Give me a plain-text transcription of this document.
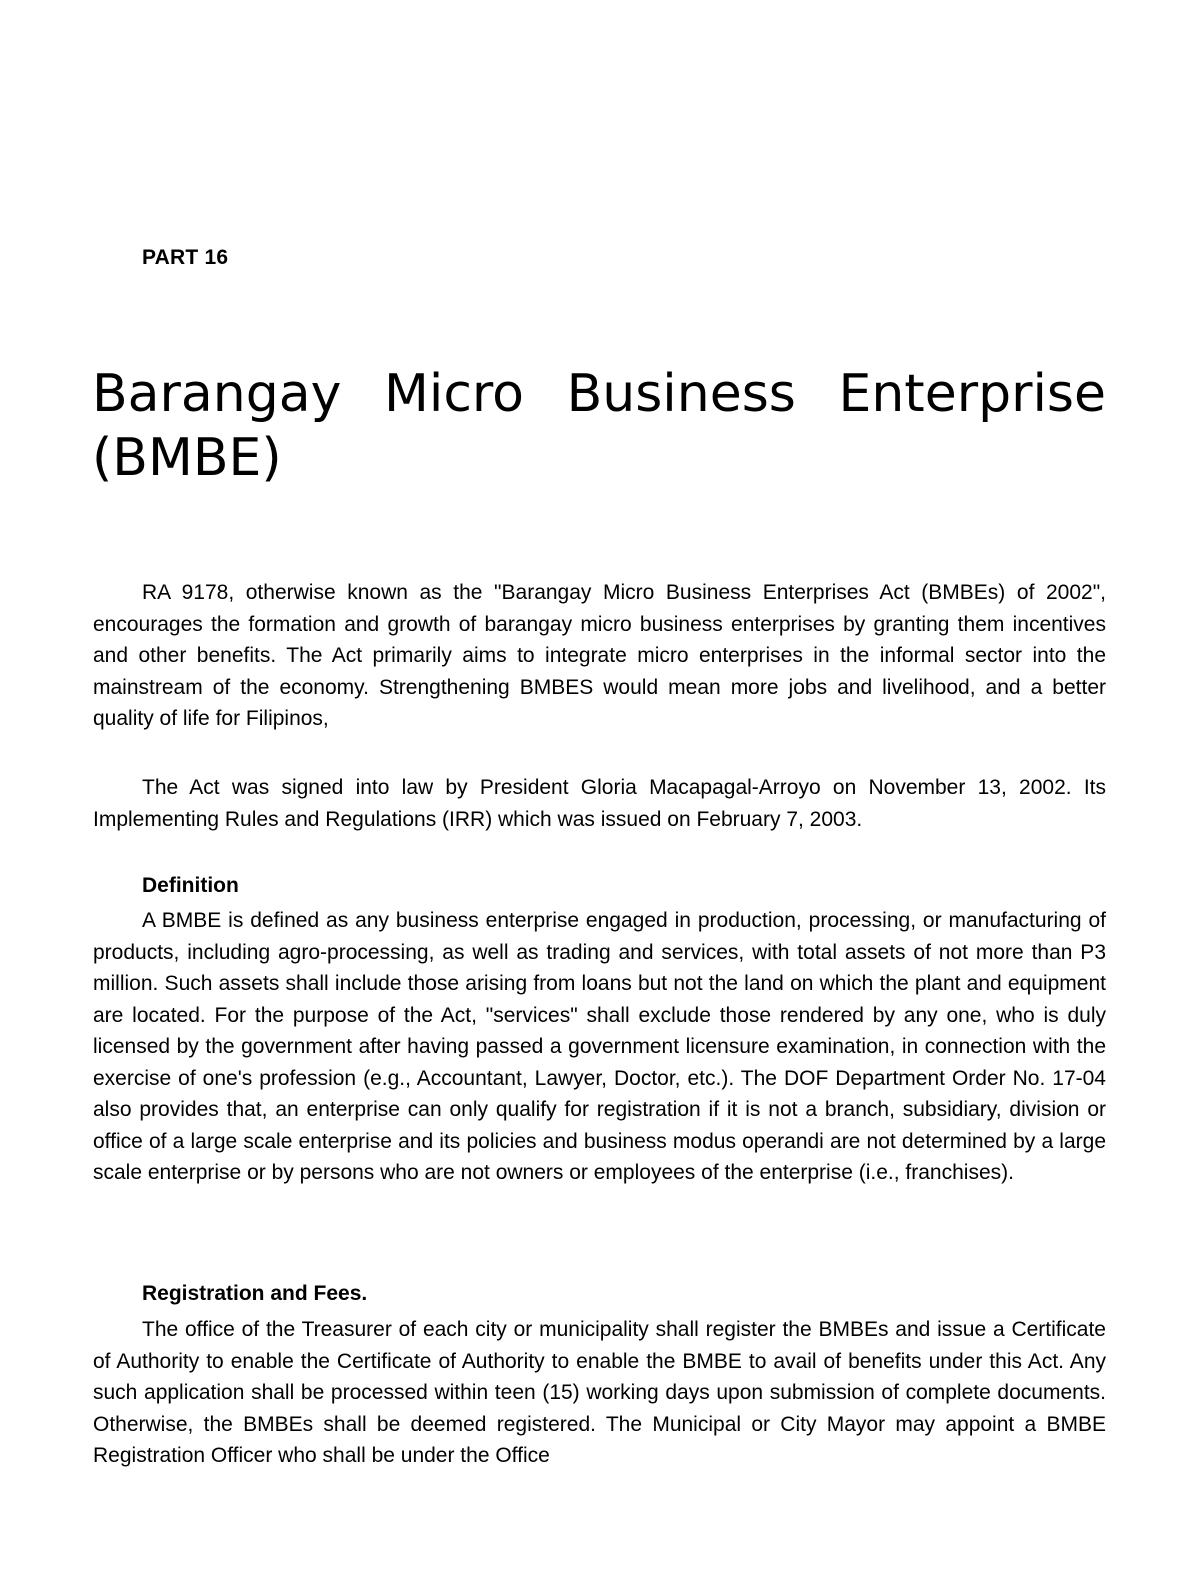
PART 16
Barangay Micro Business Enterprise (BMBE)

RA 9178, otherwise known as the "Barangay Micro Business Enterprises Act (BMBEs) of 2002", encourages the formation and growth of barangay micro business enterprises by granting them incentives and other benefits. The Act primarily aims to integrate micro enterprises in the informal sector into the mainstream of the economy. Strengthening BMBES would mean more jobs and livelihood, and a better quality of life for Filipinos,

The Act was signed into law by President Gloria Macapagal-Arroyo on November 13, 2002. Its Implementing Rules and Regulations (IRR) which was issued on February 7, 2003.

Definition

A BMBE is defined as any business enterprise engaged in production, processing, or manufacturing of products, including agro-processing, as well as trading and services, with total assets of not more than P3 million. Such assets shall include those arising from loans but not the land on which the plant and equipment are located. For the purpose of the Act, "services" shall exclude those rendered by any one, who is duly licensed by the government after having passed a government licensure examination, in connection with the exercise of one's profession (e.g., Accountant, Lawyer, Doctor, etc.). The DOF Department Order No. 17-04 also provides that, an enterprise can only qualify for registration if it is not a branch, subsidiary, division or office of a large scale enterprise and its policies and business modus operandi are not determined by a large scale enterprise or by persons who are not owners or employees of the enterprise (i.e., franchises).

Registration and Fees.

The office of the Treasurer of each city or municipality shall register the BMBEs and issue a Certificate of Authority to enable the Certificate of Authority to enable the BMBE to avail of benefits under this Act. Any such application shall be processed within teen (15) working days upon submission of complete documents. Otherwise, the BMBEs shall be deemed registered. The Municipal or City Mayor may appoint a BMBE Registration Officer who shall be under the Office
